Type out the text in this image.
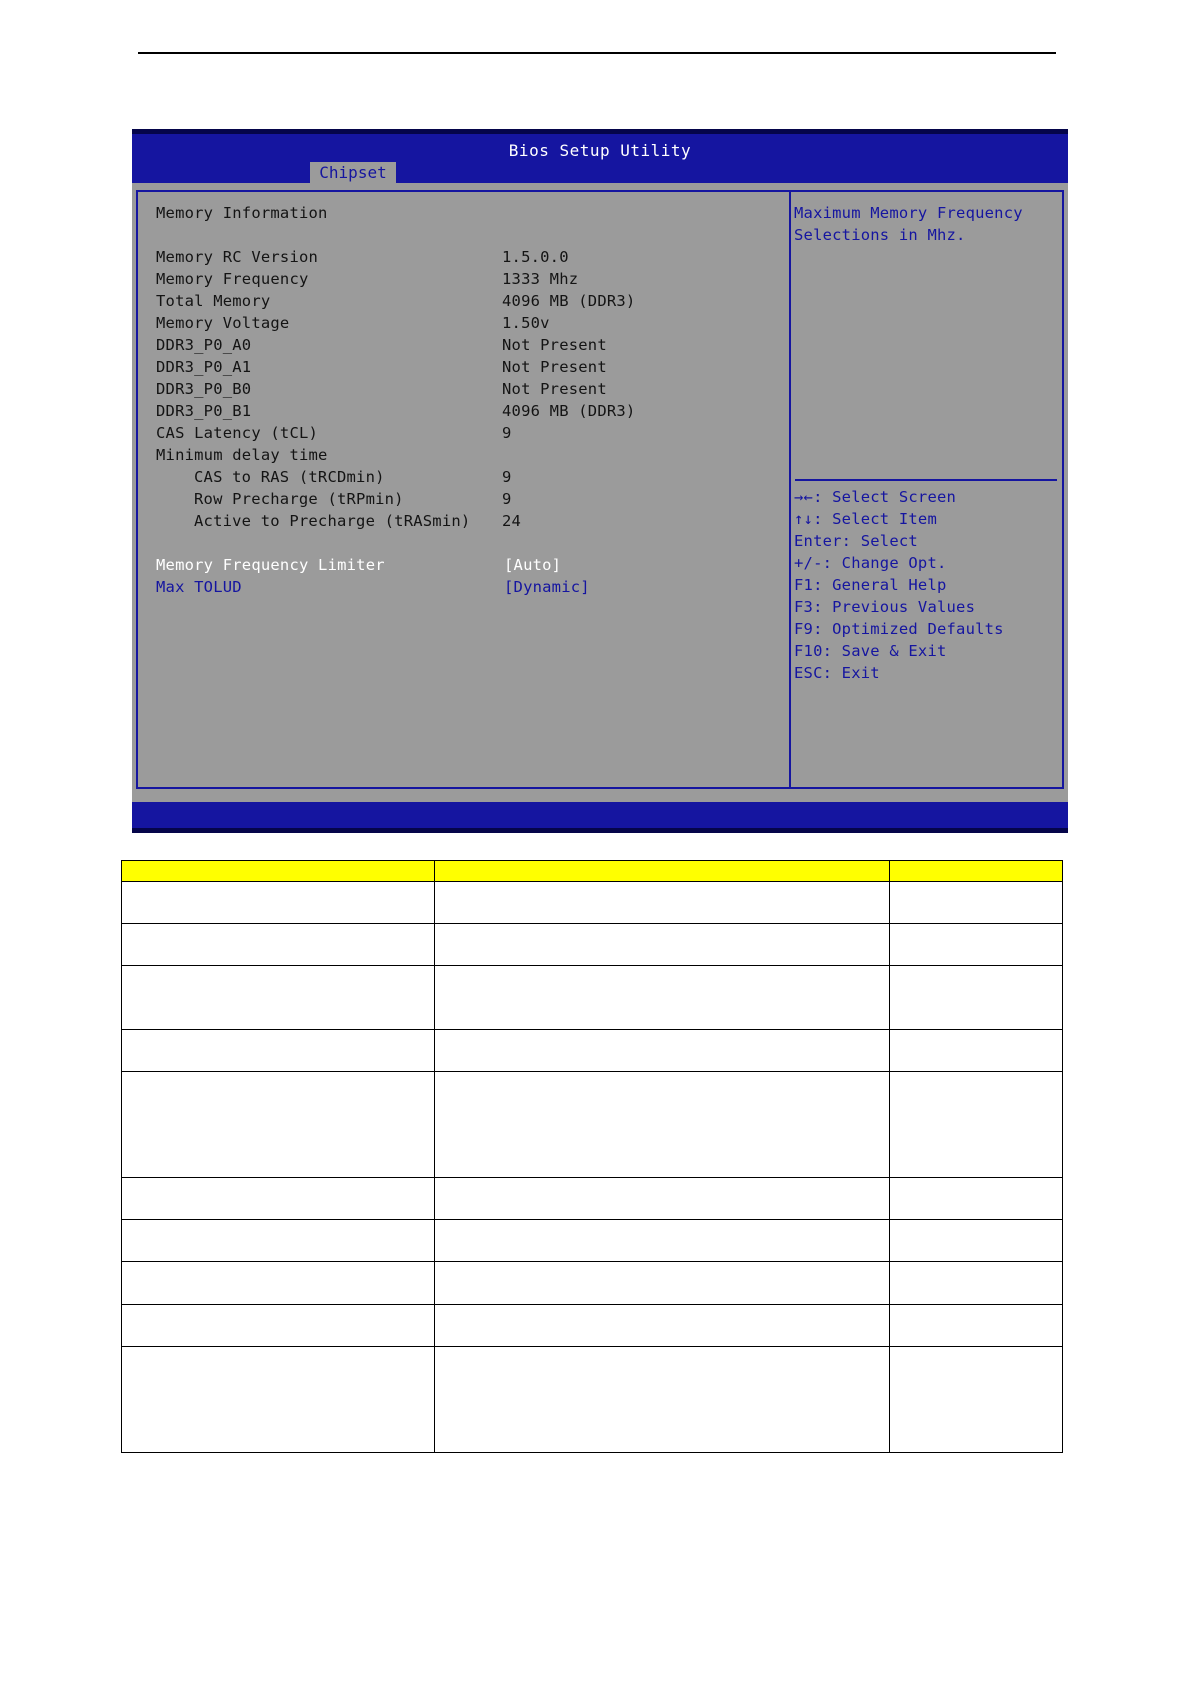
Bios Setup Utility
Chipset
Memory Information
Memory RC Version	1.5.0.0
Memory Frequency	1333 Mhz
Total Memory	4096 MB (DDR3)
Memory Voltage	1.50v
DDR3_P0_A0	Not Present
DDR3_P0_A1	Not Present
DDR3_P0_B0	Not Present
DDR3_P0_B1	4096 MB (DDR3)
CAS Latency (tCL)	9
Minimum delay time
CAS to RAS (tRCDmin)	9
Row Precharge (tRPmin)	9
Active to Precharge (tRASmin) 24
Memory Frequency Limiter	[Auto]
Max TOLUD	[Dynamic]
Maximum Memory Frequency
Selections in Mhz.
→←: Select Screen
↑↓: Select Item
Enter: Select
+/-: Change Opt.
F1: General Help
F3: Previous Values
F9: Optimized Defaults
F10: Save & Exit
ESC: Exit
